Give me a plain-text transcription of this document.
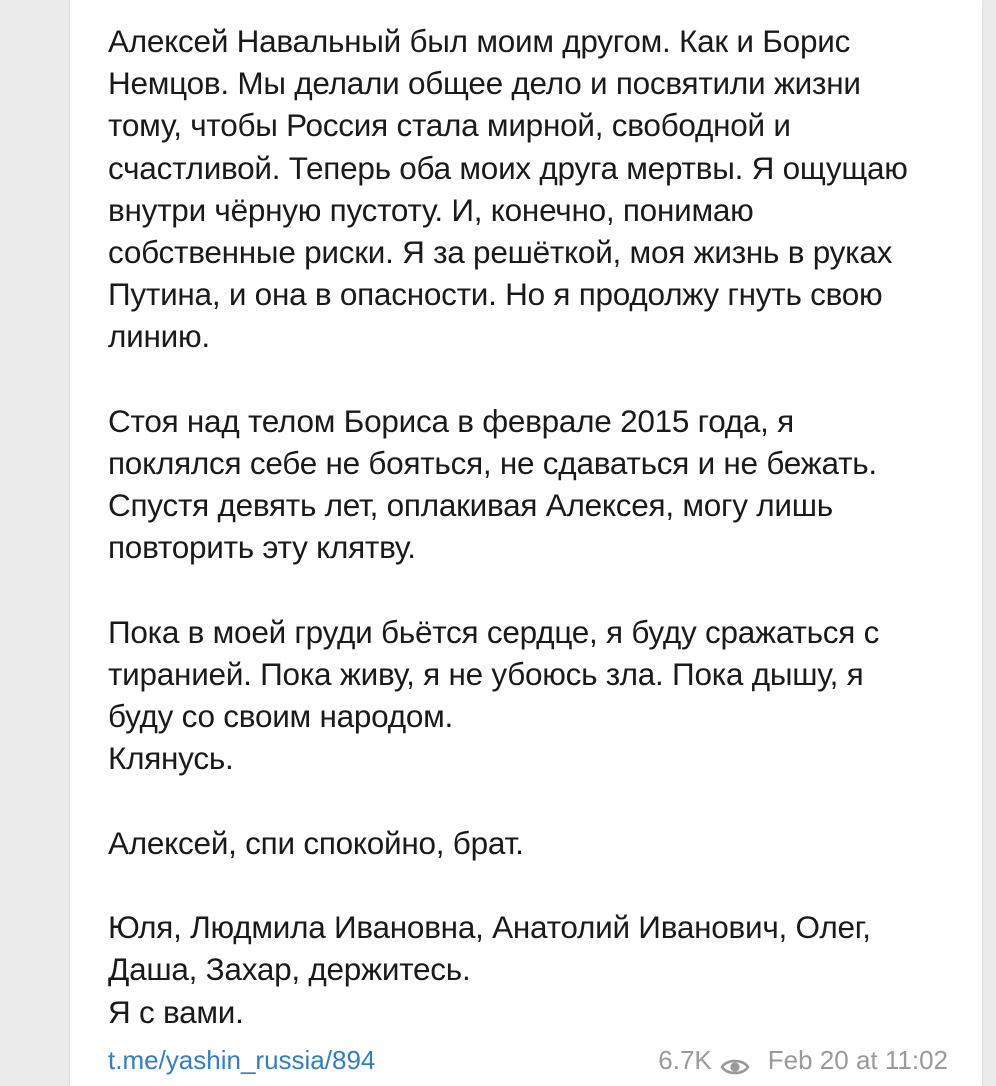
Алексей Навальный был моим другом. Как и Борис
Немцов. Мы делали общее дело и посвятили жизни
тому, чтобы Россия стала мирной, свободной и
счастливой. Теперь оба моих друга мертвы. Я ощущаю
внутри чёрную пустоту. И, конечно, понимаю
собственные риски. Я за решёткой, моя жизнь в руках
Путина, и она в опасности. Но я продолжу гнуть свою
линию.
Стоя над телом Бориса в феврале 2015 года, я
поклялся себе не бояться, не сдаваться и не бежать.
Спустя девять лет, оплакивая Алексея, могу лишь
повторить эту клятву.
Пока в моей груди бьётся сердце, я буду сражаться с
тиранией. Пока живу, я не убоюсь зла. Пока дышу, я
буду со своим народом.
Клянусь.
Алексей, спи спокойно, брат.
Юля, Людмила Ивановна, Анатолий Иванович, Олег,
Даша, Захар, держитесь.
Я с вами.
t.me/yashin_russia/894	6.7K Feb 20 at 11:02
